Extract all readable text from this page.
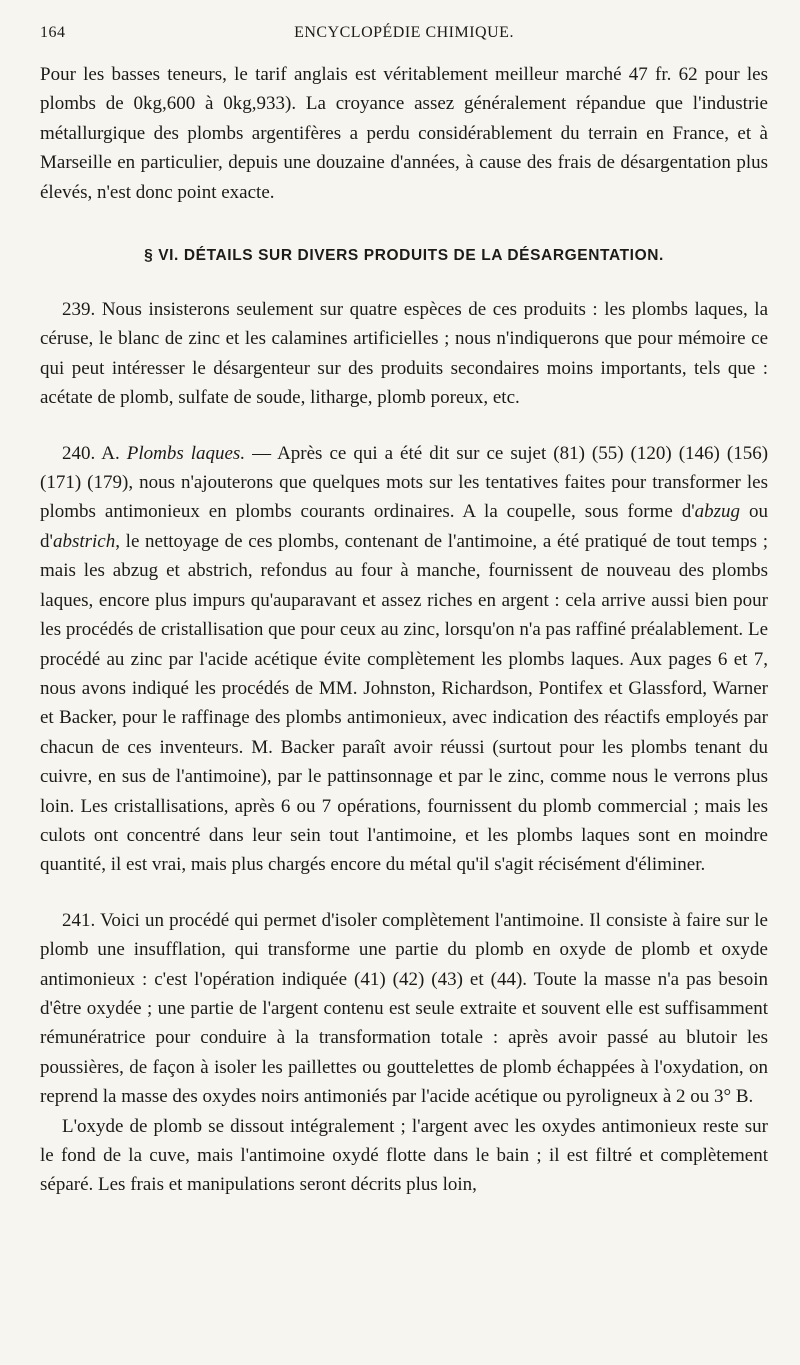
164	ENCYCLOPÉDIE CHIMIQUE.

Pour les basses teneurs, le tarif anglais est véritablement meilleur marché 47 fr. 62 pour les plombs de 0kg,600 à 0kg,933). La croyance assez généralement répandue que l'industrie métallurgique des plombs argentifères a perdu considérablement du terrain en France, et à Marseille en particulier, depuis une douzaine d'années, à cause des frais de désargentation plus élevés, n'est donc point exacte.

§ VI. DÉTAILS SUR DIVERS PRODUITS DE LA DÉSARGENTATION.

239. Nous insisterons seulement sur quatre espèces de ces produits : les plombs laques, la céruse, le blanc de zinc et les calamines artificielles ; nous n'indiquerons que pour mémoire ce qui peut intéresser le désargenteur sur des produits secondaires moins importants, tels que : acétate de plomb, sulfate de soude, litharge, plomb poreux, etc.

240. A. Plombs laques. — Après ce qui a été dit sur ce sujet (81) (55) (120) (146) (156) (171) (179), nous n'ajouterons que quelques mots sur les tentatives faites pour transformer les plombs antimonieux en plombs courants ordinaires. A la coupelle, sous forme d'abzug ou d'abstrich, le nettoyage de ces plombs, contenant de l'antimoine, a été pratiqué de tout temps ; mais les abzug et abstrich, refondus au four à manche, fournissent de nouveau des plombs laques, encore plus impurs qu'auparavant et assez riches en argent : cela arrive aussi bien pour les procédés de cristallisation que pour ceux au zinc, lorsqu'on n'a pas raffiné préalablement. Le procédé au zinc par l'acide acétique évite complètement les plombs laques. Aux pages 6 et 7, nous avons indiqué les procédés de MM. Johnston, Richardson, Pontifex et Glassford, Warner et Backer, pour le raffinage des plombs antimonieux, avec indication des réactifs employés par chacun de ces inventeurs. M. Backer paraît avoir réussi (surtout pour les plombs tenant du cuivre, en sus de l'antimoine), par le pattinsonnage et par le zinc, comme nous le verrons plus loin. Les cristallisations, après 6 ou 7 opérations, fournissent du plomb commercial ; mais les culots ont concentré dans leur sein tout l'antimoine, et les plombs laques sont en moindre quantité, il est vrai, mais plus chargés encore du métal qu'il s'agit récisément d'éliminer.

241. Voici un procédé qui permet d'isoler complètement l'antimoine. Il consiste à faire sur le plomb une insufflation, qui transforme une partie du plomb en oxyde de plomb et oxyde antimonieux : c'est l'opération indiquée (41) (42) (43) et (44). Toute la masse n'a pas besoin d'être oxydée ; une partie de l'argent contenu est seule extraite et souvent elle est suffisamment rémunératrice pour conduire à la transformation totale : après avoir passé au blutoir les poussières, de façon à isoler les paillettes ou gouttelettes de plomb échappées à l'oxydation, on reprend la masse des oxydes noirs antimoniés par l'acide acétique ou pyroligneux à 2 ou 3° B.

L'oxyde de plomb se dissout intégralement ; l'argent avec les oxydes antimonieux reste sur le fond de la cuve, mais l'antimoine oxydé flotte dans le bain ; il est filtré et complètement séparé. Les frais et manipulations seront décrits plus loin,
